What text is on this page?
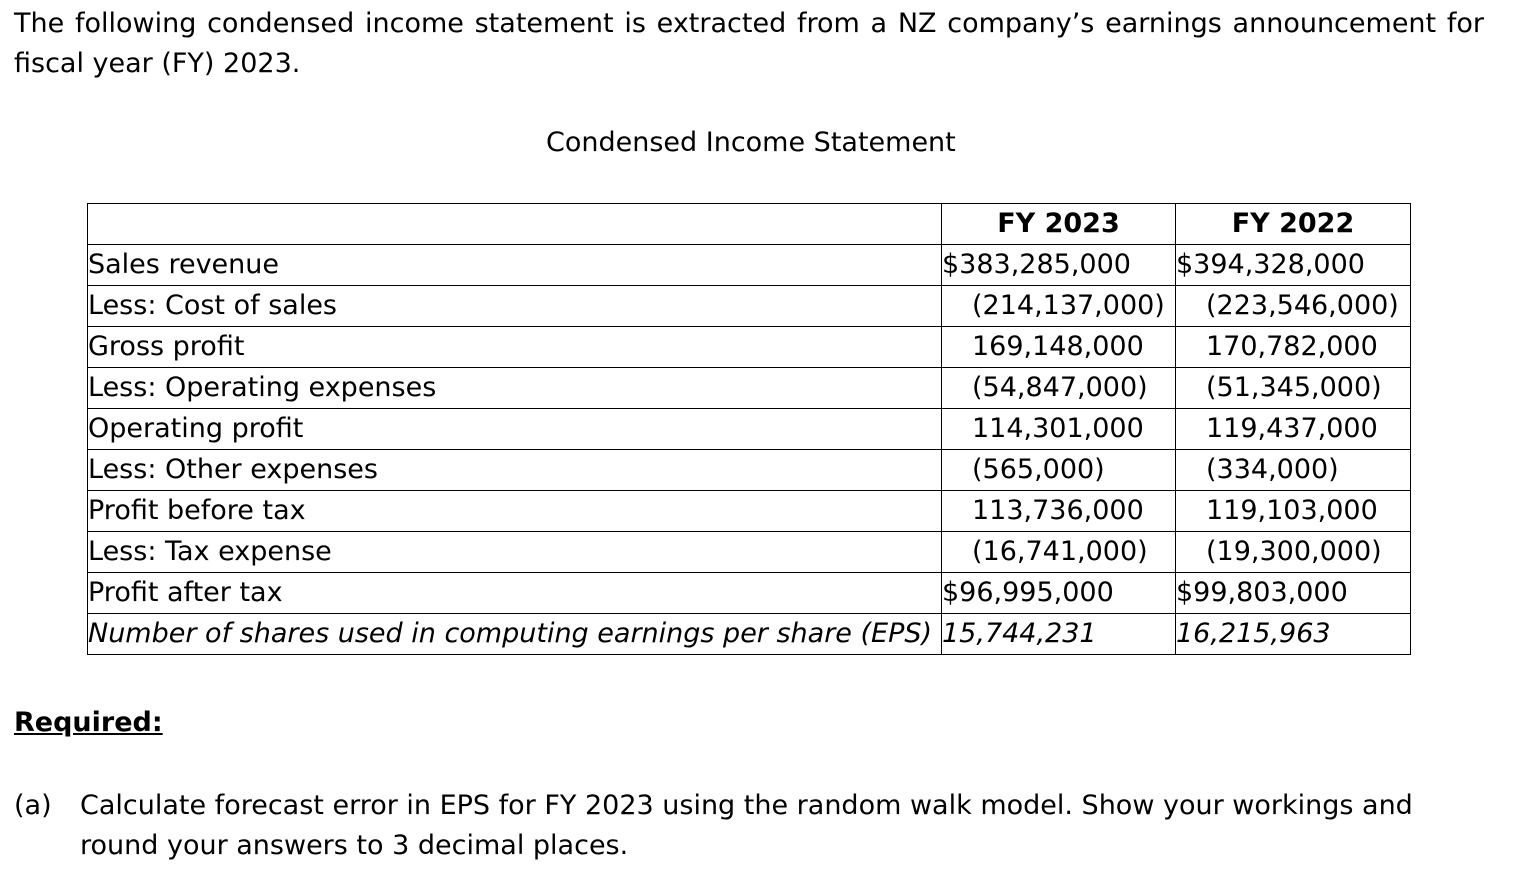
The following condensed income statement is extracted from a NZ company’s earnings announcement for fiscal year (FY) 2023.

Condensed Income Statement

	FY 2023	FY 2022
Sales revenue	$383,285,000	$394,328,000
Less: Cost of sales	(214,137,000)	(223,546,000)
Gross profit	169,148,000	170,782,000
Less: Operating expenses	(54,847,000)	(51,345,000)
Operating profit	114,301,000	119,437,000
Less: Other expenses	(565,000)	(334,000)
Profit before tax	113,736,000	119,103,000
Less: Tax expense	(16,741,000)	(19,300,000)
Profit after tax	$96,995,000	$99,803,000
Number of shares used in computing earnings per share (EPS)	15,744,231	16,215,963

Required:

(a)	Calculate forecast error in EPS for FY 2023 using the random walk model. Show your workings and round your answers to 3 decimal places.
